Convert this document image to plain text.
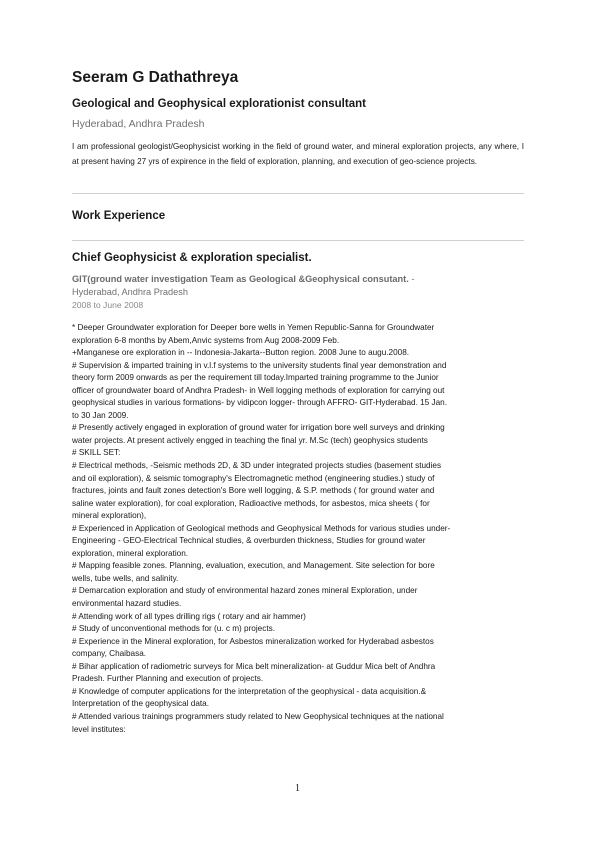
Seeram G Dathathreya
Geological and Geophysical explorationist consultant
Hyderabad, Andhra Pradesh
I am professional geologist/Geophysicist working in the field of ground water, and mineral exploration projects, any where, I at present having 27 yrs of expirence in the field of exploration, planning, and execution of geo-science projects.
Work Experience
Chief Geophysicist & exploration specialist.
GIT(ground water investigation Team as Geological &Geophysical consutant. -
Hyderabad, Andhra Pradesh
2008 to June 2008
* Deeper Groundwater exploration for Deeper bore wells in Yemen Republic-Sanna for Groundwater
exploration 6-8 months by Abem,Anvic systems from Aug 2008-2009 Feb.
+Manganese ore exploration in -- Indonesia-Jakarta--Button region. 2008 June to augu.2008.
# Supervision & imparted training in v.l.f systems to the university students final year demonstration and
theory form 2009 onwards as per the requirement till today.Imparted training programme to the Junior
officer of groundwater board of Andhra Pradesh- in Well logging methods of exploration for carrying out
geophysical studies in various formations- by vidipcon logger- through AFFRO- GIT-Hyderabad. 15 Jan.
to 30 Jan 2009.
# Presently actively engaged in exploration of ground water for irrigation bore well surveys and drinking
water projects. At present actively engged in teaching the final yr. M.Sc (tech) geophysics students
# SKILL SET:
# Electrical methods, -Seismic methods 2D, & 3D under integrated projects studies (basement studies
and oil exploration), & seismic tomography's Electromagnetic method (engineering studies.) study of
fractures, joints and fault zones detection's Bore well logging, & S.P. methods ( for ground water and
saline water exploration), for coal exploration, Radioactive methods, for asbestos, mica sheets ( for
mineral exploration),
# Experienced in Application of Geological methods and Geophysical Methods for various studies under-
Engineering - GEO-Electrical Technical studies, & overburden thickness, Studies for ground water
exploration, mineral exploration.
# Mapping feasible zones. Planning, evaluation, execution, and Management. Site selection for bore
wells, tube wells, and salinity.
# Demarcation exploration and study of environmental hazard zones mineral Exploration, under
environmental hazard studies.
# Attending work of all types drilling rigs ( rotary and air hammer)
# Study of unconventional methods for (u. c m) projects.
# Experience in the Mineral exploration, for Asbestos mineralization worked for Hyderabad asbestos
company, Chaibasa.
# Bihar application of radiometric surveys for Mica belt mineralization- at Guddur Mica belt of Andhra
Pradesh. Further Planning and execution of projects.
# Knowledge of computer applications for the interpretation of the geophysical - data acquisition.&
Interpretation of the geophysical data.
# Attended various trainings programmers study related to New Geophysical techniques at the national
level institutes:
1
